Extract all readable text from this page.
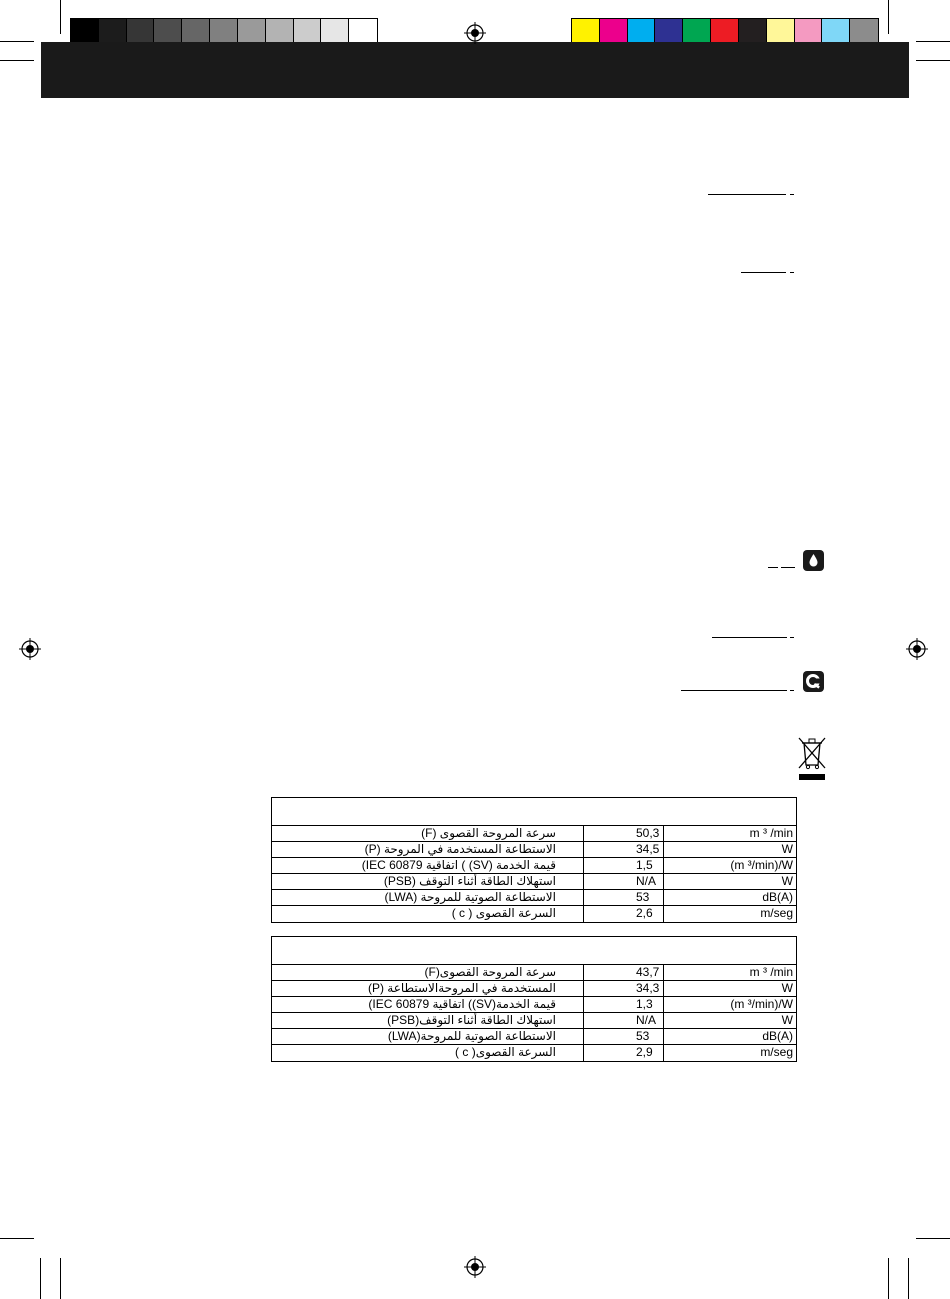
سرعة المروحة القصوى (F)	50,3	m ³ /min
الاستطاعة المستخدمة في المروحة (P)	34,5	W
قيمة الخدمة (SV) ) اتفاقية 60879 IEC)	1,5	(m ³/min)/W
استهلاك الطاقة أثناء التوقف (PSB)	N/A	W
الاستطاعة الصوتية للمروحة (LWA)	53	dB(A)
السرعة القصوى ( c )	2,6	m/seg
سرعة المروحة القصوى(F)	43,7	m ³ /min
المستخدمة في المروحةالاستطاعة (P)	34,3	W
قيمة الخدمة(SV)) اتفاقية 60879 IEC)	1,3	(m ³/min)/W
استهلاك الطاقة أثناء التوقف(PSB)	N/A	W
الاستطاعة الصوتية للمروحة(LWA)	53	dB(A)
السرعة القصوى( c )	2,9	m/seg
